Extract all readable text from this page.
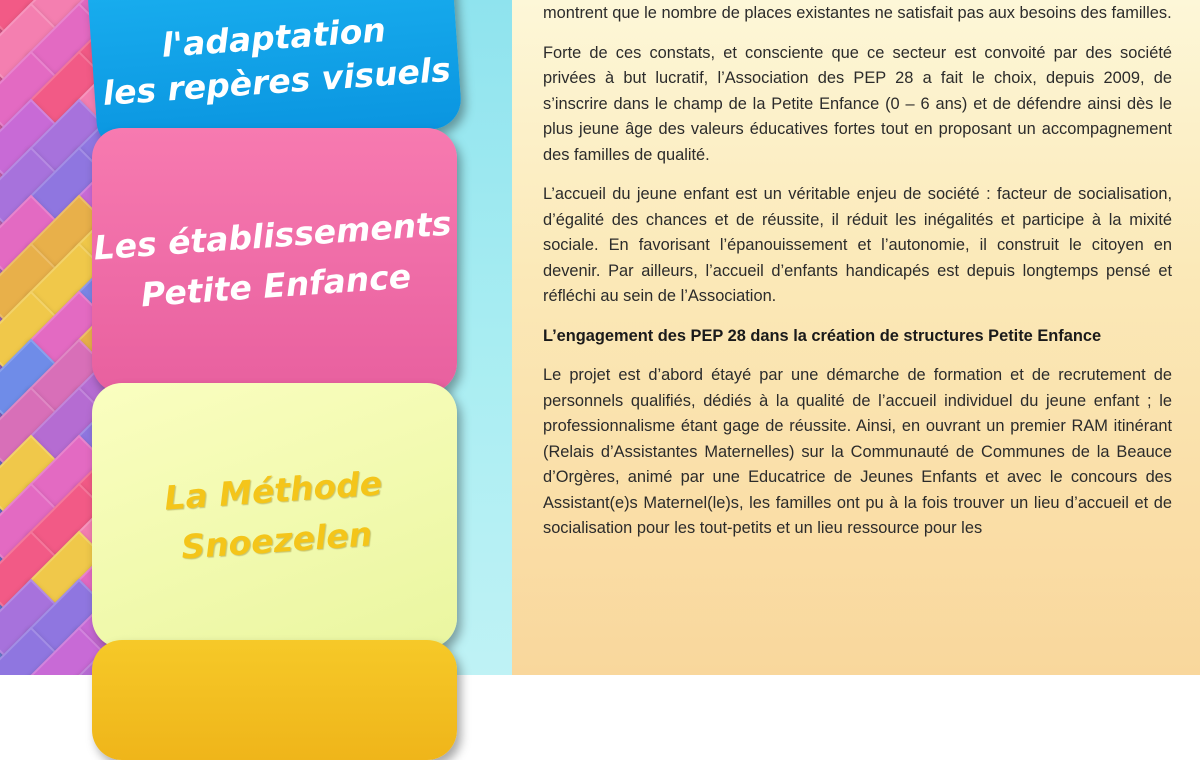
l'adaptation
les repères visuels
Les établissements
Petite Enfance
La Méthode
Snoezelen

montrent que le nombre de places existantes ne satisfait pas aux besoins des familles.

Forte de ces constats, et consciente que ce secteur est convoité par des société privées à but lucratif, l’Association des PEP 28 a fait le choix, depuis 2009, de s’inscrire dans le champ de la Petite Enfance (0 – 6 ans) et de défendre ainsi dès le plus jeune âge des valeurs éducatives fortes tout en proposant un accompagnement des familles de qualité.

L’accueil du jeune enfant est un véritable enjeu de société : facteur de socialisation, d’égalité des chances et de réussite, il réduit les inégalités et participe à la mixité sociale. En favorisant l’épanouissement et l’autonomie, il construit le citoyen en devenir. Par ailleurs, l’accueil d’enfants handicapés est depuis longtemps pensé et réfléchi au sein de l’Association.

L’engagement des PEP 28 dans la création de structures Petite Enfance

Le projet est d’abord étayé par une démarche de formation et de recrutement de personnels qualifiés, dédiés à la qualité de l’accueil individuel du jeune enfant ; le professionnalisme étant gage de réussite. Ainsi, en ouvrant un premier RAM itinérant (Relais d’Assistantes Maternelles) sur la Communauté de Communes de la Beauce d’Orgères, animé par une Educatrice de Jeunes Enfants et avec le concours des Assistant(e)s Maternel(le)s, les familles ont pu à la fois trouver un lieu d’accueil et de socialisation pour les tout-petits et un lieu ressource pour les
